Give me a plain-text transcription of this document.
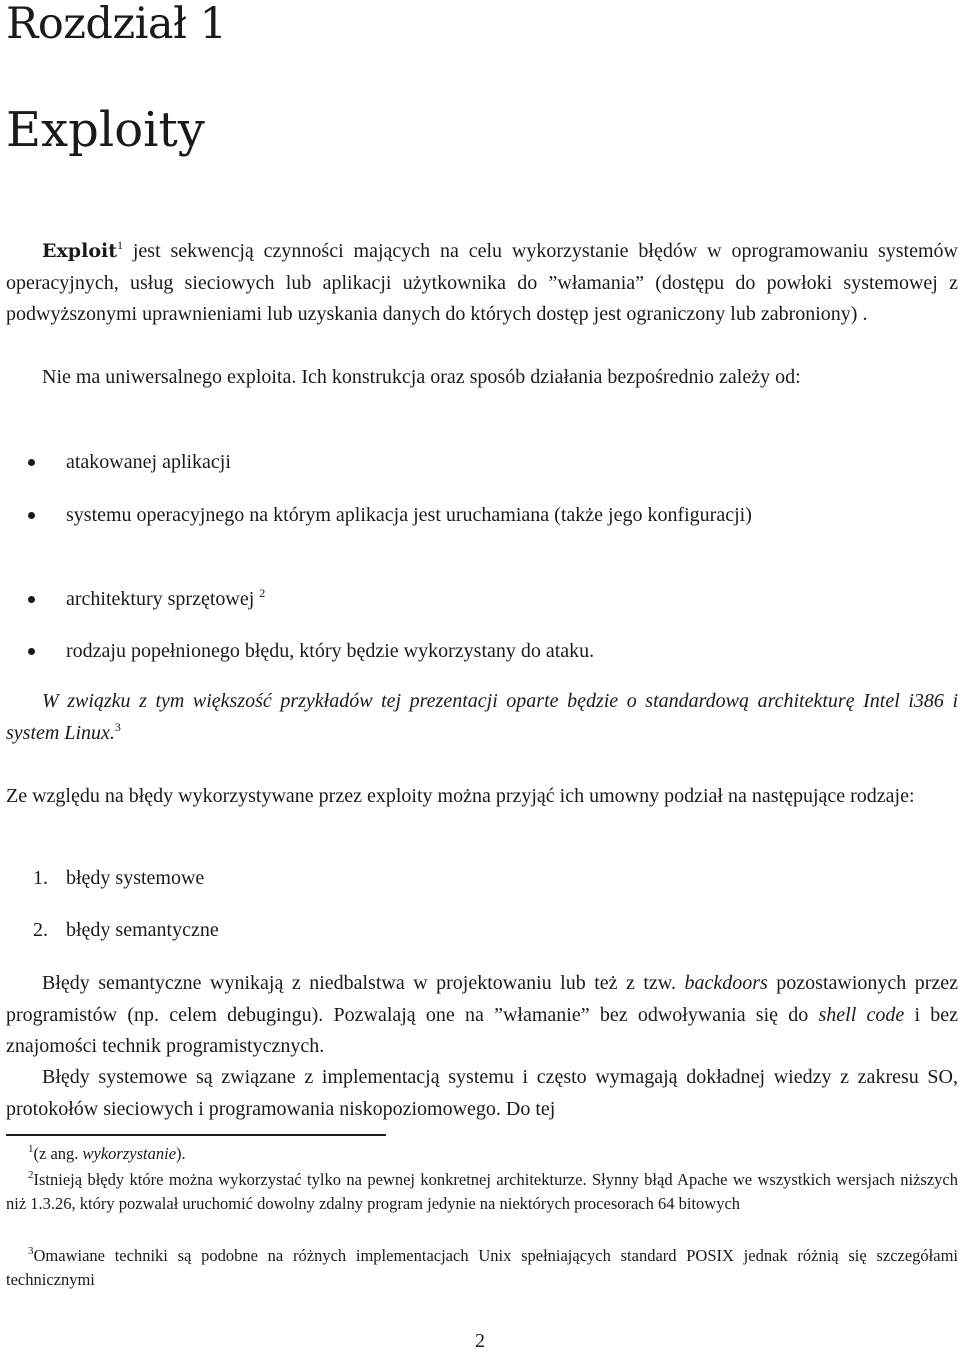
Rozdział 1
Exploity

Exploit$^1$ jest sekwencją czynności mających na celu wykorzystanie błędów w oprogramowaniu systemów operacyjnych, usług sieciowych lub aplikacji użytkownika do ”włamania” (dostępu do powłoki systemowej z podwyższonymi uprawnieniami lub uzyskania danych do których dostęp jest ograniczony lub zabroniony) .

Nie ma uniwersalnego exploita. Ich konstrukcja oraz sposób działania bezpośrednio zależy od:

atakowanej aplikacji
systemu operacyjnego na którym aplikacja jest uruchamiana (także jego konfiguracji)
architektury sprzętowej $^2$
rodzaju popełnionego błędu, który będzie wykorzystany do ataku.

W związku z tym większość przykładów tej prezentacji oparte będzie o standardową architekturę Intel i386 i system Linux.$^3$

Ze względu na błędy wykorzystywane przez exploity można przyjąć ich umowny podział na następujące rodzaje:

1. błędy systemowe
2. błędy semantyczne

Błędy semantyczne wynikają z niedbalstwa w projektowaniu lub też z tzw. backdoors pozostawionych przez programistów (np. celem debugingu). Pozwalają one na ”włamanie” bez odwoływania się do shell code i bez znajomości technik programistycznych.

Błędy systemowe są związane z implementacją systemu i często wymagają dokładnej wiedzy z zakresu SO, protokołów sieciowych i programowania niskopoziomowego. Do tej

$^1$(z ang. wykorzystanie).
$^2$Istnieją błędy które można wykorzystać tylko na pewnej konkretnej architekturze. Słynny błąd Apache we wszystkich wersjach niższych niż 1.3.26, który pozwalał uruchomić dowolny zdalny program jedynie na niektórych procesorach 64 bitowych
$^3$Omawiane techniki są podobne na różnych implementacjach Unix spełniających standard POSIX jednak różnią się szczegółami technicznymi
2
